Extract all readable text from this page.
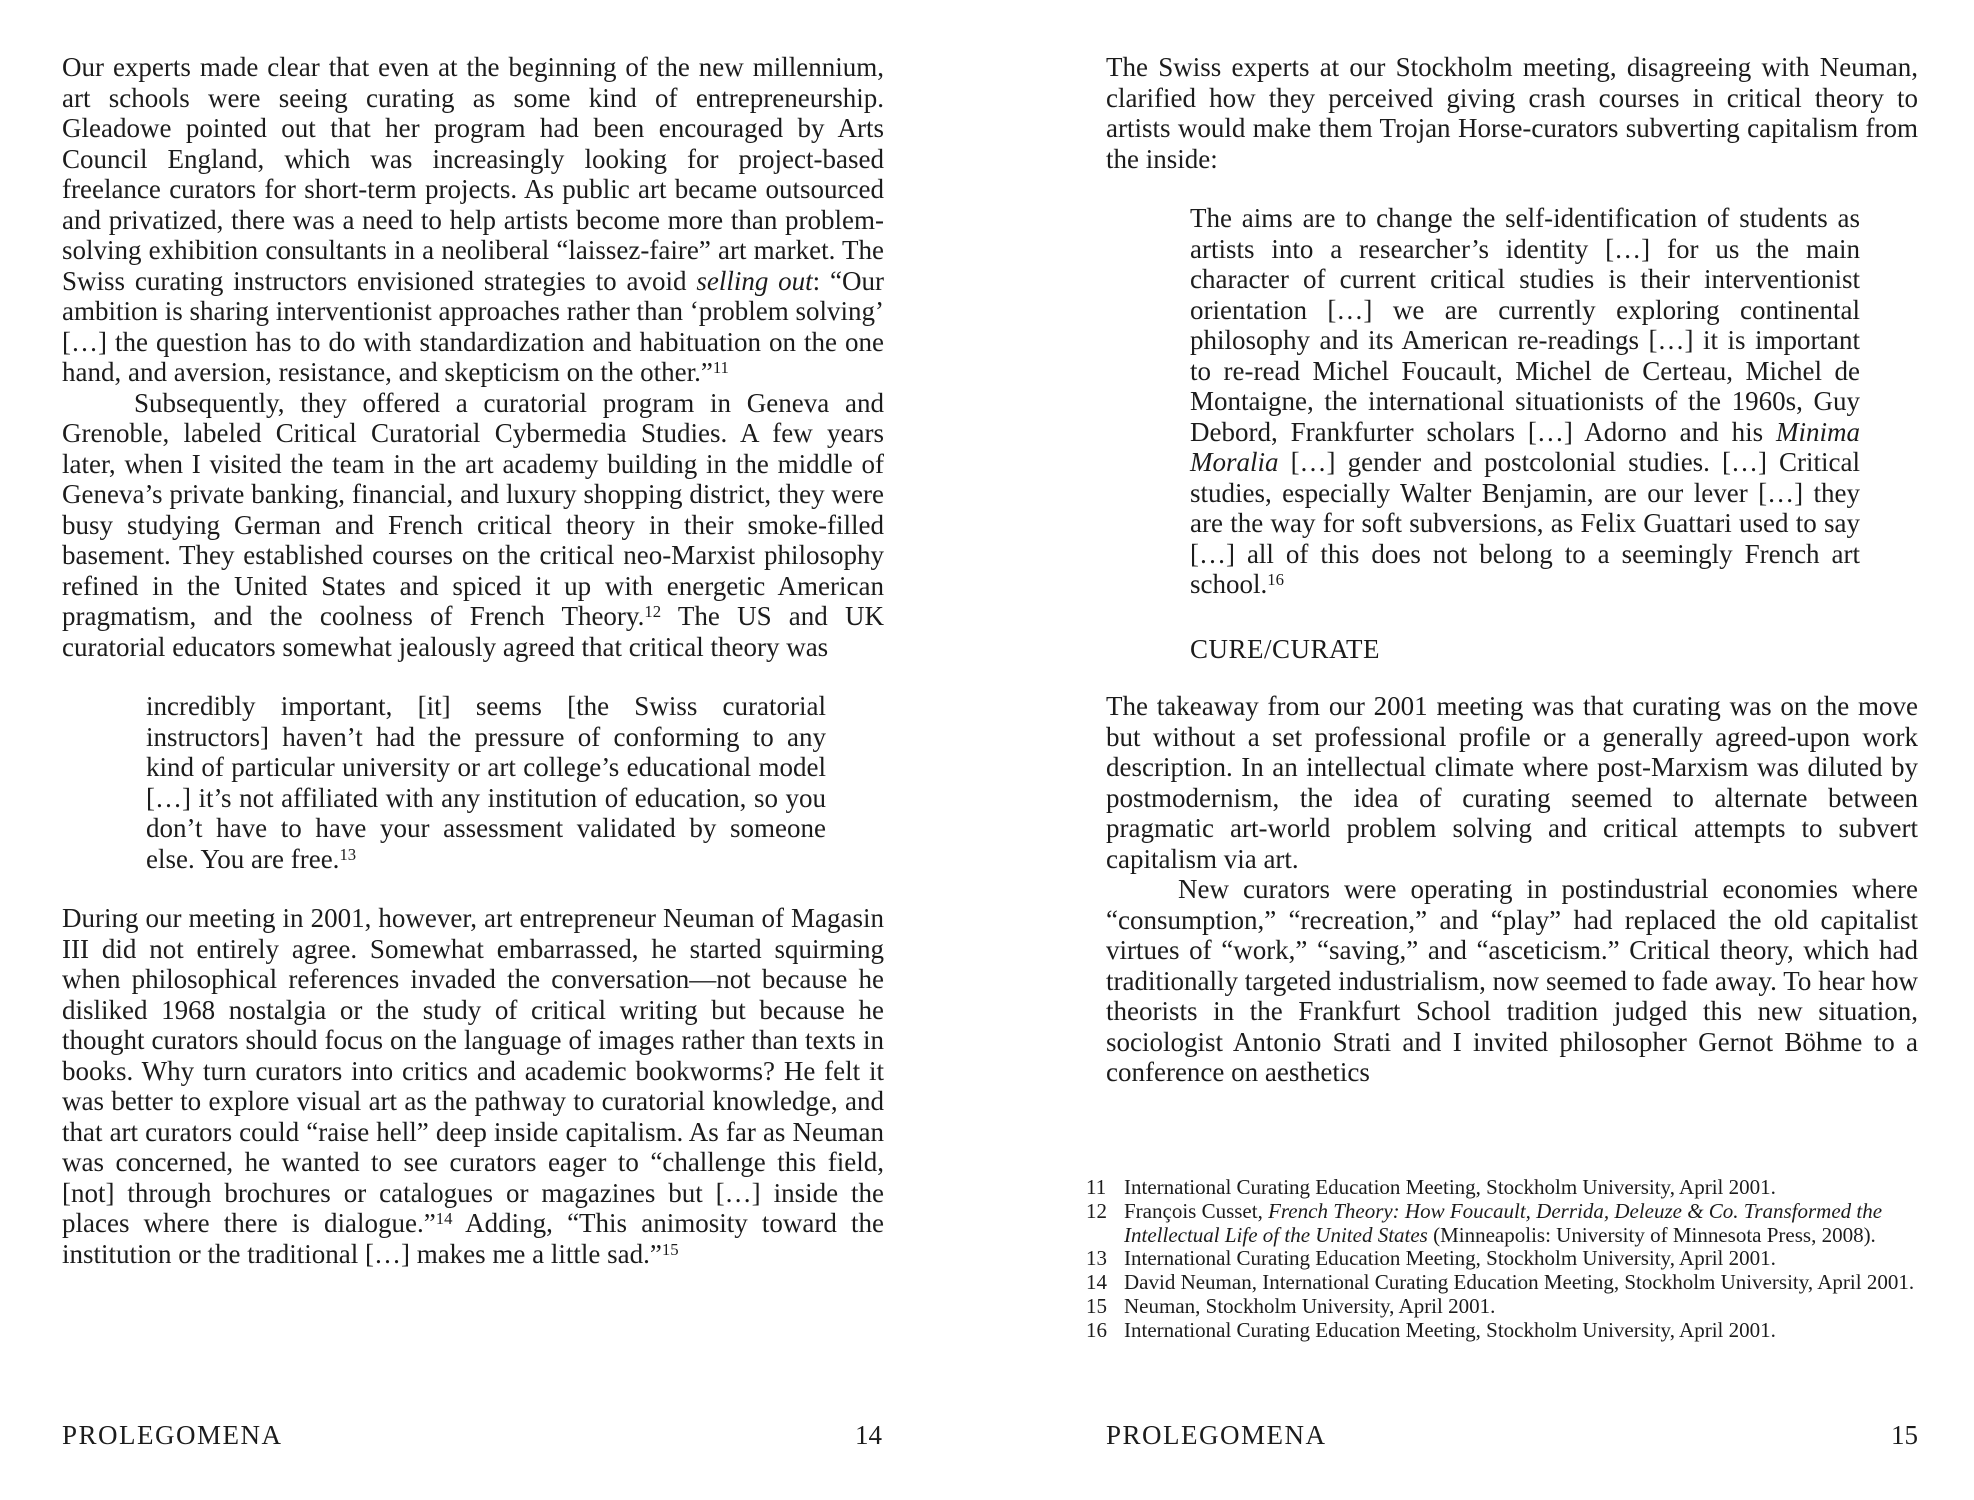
Our experts made clear that even at the beginning of the new millennium, art schools were seeing curating as some kind of entrepreneurship. Gleadowe pointed out that her program had been encouraged by Arts Council England, which was increasingly looking for project-based freelance curators for short-term projects. As public art became outsourced and privatized, there was a need to help artists become more than problem-solving exhibition consultants in a neoliberal “laissez-faire” art market. The Swiss curating instructors envisioned strategies to avoid selling out: “Our ambition is sharing interventionist approaches rather than ‘problem solving’ […] the question has to do with standardization and habituation on the one hand, and aversion, resistance, and skepticism on the other.”$^{11}$

Subsequently, they offered a curatorial program in Geneva and Grenoble, labeled Critical Curatorial Cybermedia Studies. A few years later, when I visited the team in the art academy building in the middle of Geneva’s private banking, financial, and luxury shopping district, they were busy studying German and French critical theory in their smoke-filled basement. They established courses on the critical neo-Marxist philosophy refined in the United States and spiced it up with energetic American pragmatism, and the coolness of French Theory.$^{12}$ The US and UK curatorial educators somewhat jealously agreed that critical theory was

incredibly important, [it] seems [the Swiss curatorial instructors] haven’t had the pressure of conforming to any kind of particular university or art college’s educational model […] it’s not affiliated with any institution of education, so you don’t have to have your assessment validated by someone else. You are free.$^{13}$

During our meeting in 2001, however, art entrepreneur Neuman of Magasin III did not entirely agree. Somewhat embarrassed, he started squirming when philosophical references invaded the conversation—not because he disliked 1968 nostalgia or the study of critical writing but because he thought curators should focus on the language of images rather than texts in books. Why turn curators into critics and academic bookworms? He felt it was better to explore visual art as the pathway to curatorial knowledge, and that art curators could “raise hell” deep inside capitalism. As far as Neuman was concerned, he wanted to see curators eager to “challenge this field, [not] through brochures or catalogues or magazines but […] inside the places where there is dialogue.”$^{14}$ Adding, “This animosity toward the institution or the traditional […] makes me a little sad.”$^{15}$

The Swiss experts at our Stockholm meeting, disagreeing with Neuman, clarified how they perceived giving crash courses in critical theory to artists would make them Trojan Horse-curators subverting capitalism from the inside:

The aims are to change the self-identification of students as artists into a researcher’s identity […] for us the main character of current critical studies is their interventionist orientation […] we are currently exploring continental philosophy and its American re-readings […] it is important to re-read Michel Foucault, Michel de Certeau, Michel de Montaigne, the international situationists of the 1960s, Guy Debord, Frankfurter scholars […] Adorno and his Minima Moralia […] gender and postcolonial studies. […] Critical studies, especially Walter Benjamin, are our lever […] they are the way for soft subversions, as Felix Guattari used to say […] all of this does not belong to a seemingly French art school.$^{16}$

CURE/CURATE

The takeaway from our 2001 meeting was that curating was on the move but without a set professional profile or a generally agreed-upon work description. In an intellectual climate where post-Marxism was diluted by postmodernism, the idea of curating seemed to alternate between pragmatic art-world problem solving and critical attempts to subvert capitalism via art.

New curators were operating in postindustrial economies where “consumption,” “recreation,” and “play” had replaced the old capitalist virtues of “work,” “saving,” and “asceticism.” Critical theory, which had traditionally targeted industrialism, now seemed to fade away. To hear how theorists in the Frankfurt School tradition judged this new situation, sociologist Antonio Strati and I invited philosopher Gernot Böhme to a conference on aesthetics

11 International Curating Education Meeting, Stockholm University, April 2001.
12 François Cusset, French Theory: How Foucault, Derrida, Deleuze & Co. Transformed the Intellectual Life of the United States (Minneapolis: University of Minnesota Press, 2008).
13 International Curating Education Meeting, Stockholm University, April 2001.
14 David Neuman, International Curating Education Meeting, Stockholm University, April 2001.
15 Neuman, Stockholm University, April 2001.
16 International Curating Education Meeting, Stockholm University, April 2001.
PROLEGOMENA	14	PROLEGOMENA	15
